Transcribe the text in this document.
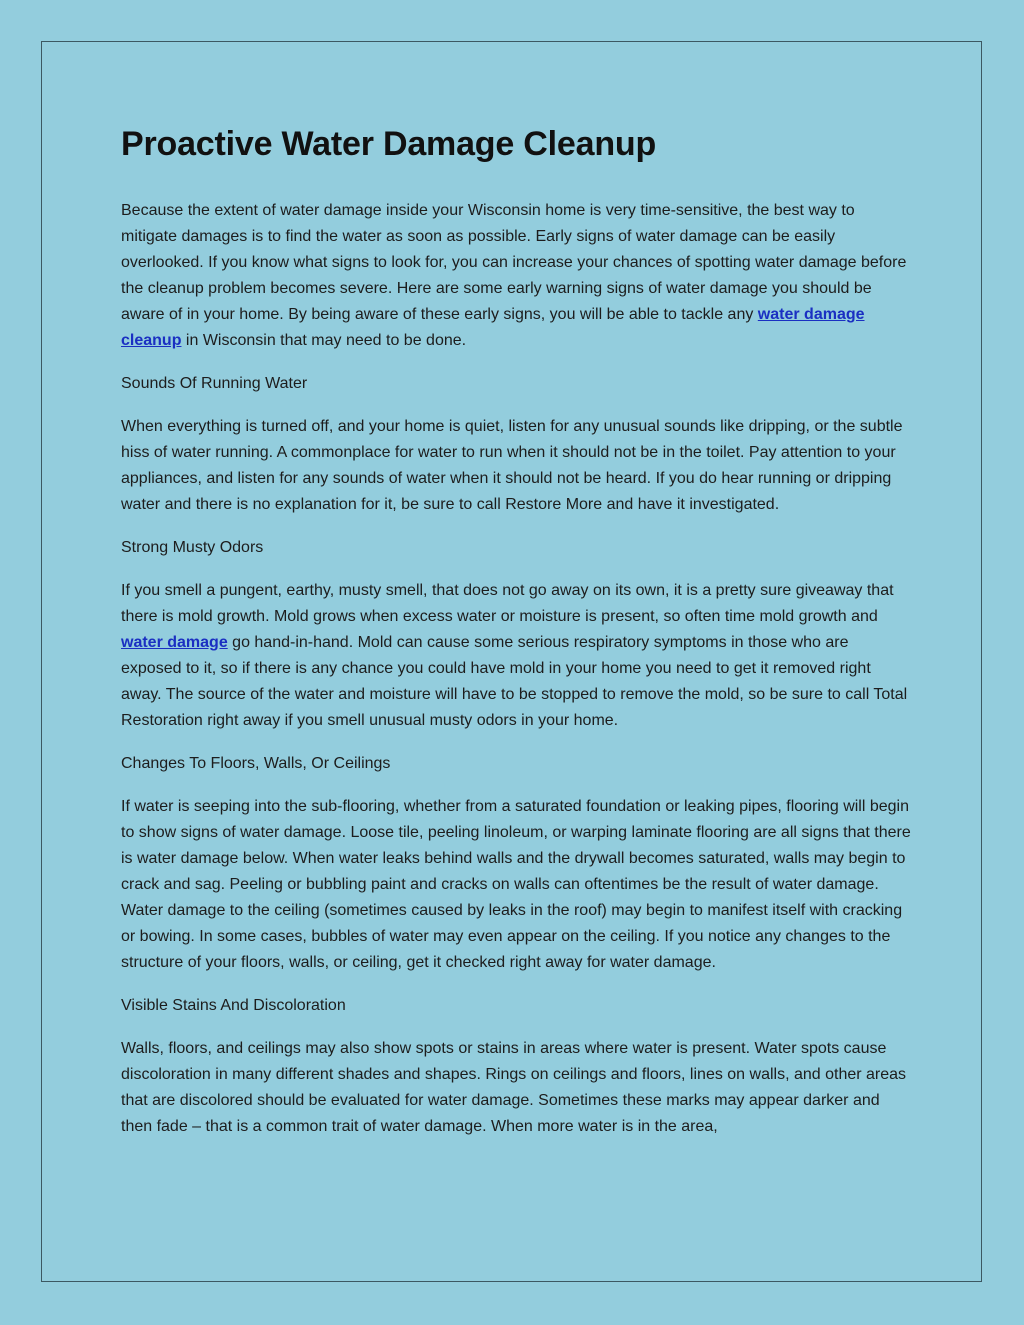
Proactive Water Damage Cleanup

Because the extent of water damage inside your Wisconsin home is very time-sensitive, the best way to mitigate damages is to find the water as soon as possible. Early signs of water damage can be easily overlooked. If you know what signs to look for, you can increase your chances of spotting water damage before the cleanup problem becomes severe. Here are some early warning signs of water damage you should be aware of in your home. By being aware of these early signs, you will be able to tackle any water damage cleanup in Wisconsin that may need to be done.

Sounds Of Running Water

When everything is turned off, and your home is quiet, listen for any unusual sounds like dripping, or the subtle hiss of water running. A commonplace for water to run when it should not be in the toilet. Pay attention to your appliances, and listen for any sounds of water when it should not be heard. If you do hear running or dripping water and there is no explanation for it, be sure to call Restore More and have it investigated.

Strong Musty Odors

If you smell a pungent, earthy, musty smell, that does not go away on its own, it is a pretty sure giveaway that there is mold growth. Mold grows when excess water or moisture is present, so often time mold growth and water damage go hand-in-hand. Mold can cause some serious respiratory symptoms in those who are exposed to it, so if there is any chance you could have mold in your home you need to get it removed right away. The source of the water and moisture will have to be stopped to remove the mold, so be sure to call Total Restoration right away if you smell unusual musty odors in your home.

Changes To Floors, Walls, Or Ceilings

If water is seeping into the sub-flooring, whether from a saturated foundation or leaking pipes, flooring will begin to show signs of water damage. Loose tile, peeling linoleum, or warping laminate flooring are all signs that there is water damage below. When water leaks behind walls and the drywall becomes saturated, walls may begin to crack and sag. Peeling or bubbling paint and cracks on walls can oftentimes be the result of water damage. Water damage to the ceiling (sometimes caused by leaks in the roof) may begin to manifest itself with cracking or bowing. In some cases, bubbles of water may even appear on the ceiling. If you notice any changes to the structure of your floors, walls, or ceiling, get it checked right away for water damage.

Visible Stains And Discoloration

Walls, floors, and ceilings may also show spots or stains in areas where water is present. Water spots cause discoloration in many different shades and shapes. Rings on ceilings and floors, lines on walls, and other areas that are discolored should be evaluated for water damage. Sometimes these marks may appear darker and then fade – that is a common trait of water damage. When more water is in the area,
